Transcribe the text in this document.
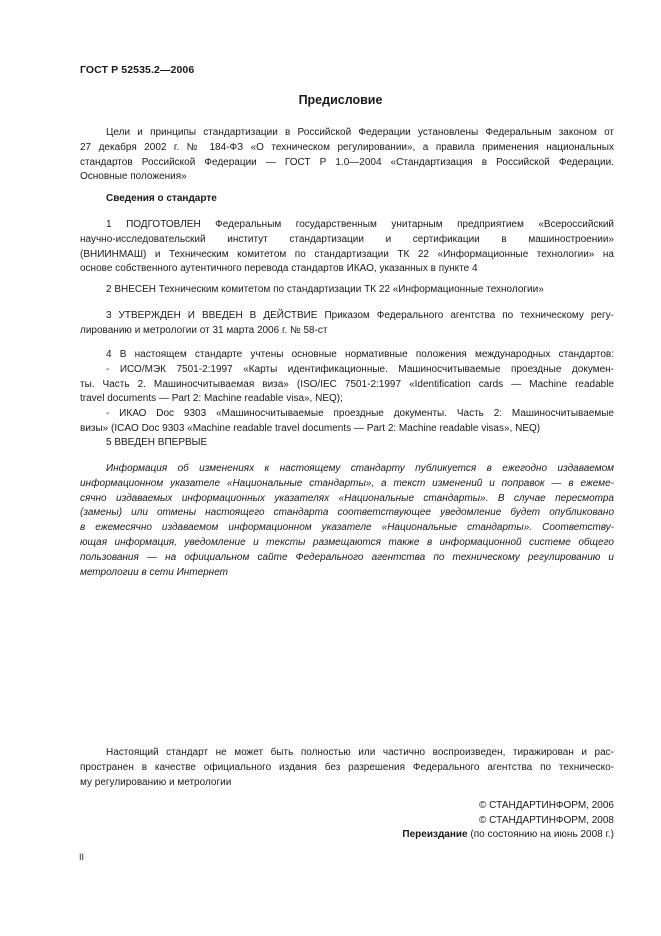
ГОСТ Р 52535.2—2006
Предисловие
Цели и принципы стандартизации в Российской Федерации установлены Федеральным законом от
27 декабря 2002 г. № 184-ФЗ «О техническом регулировании», а правила применения национальных
стандартов Российской Федерации — ГОСТ Р 1.0—2004 «Стандартизация в Российской Федерации.
Основные положения»
Сведения о стандарте
1 ПОДГОТОВЛЕН Федеральным государственным унитарным предприятием «Всероссийский
научно-исследовательский институт стандартизации и сертификации в машиностроении»
(ВНИИНМАШ) и Техническим комитетом по стандартизации ТК 22 «Информационные технологии» на
основе собственного аутентичного перевода стандартов ИКАО, указанных в пункте 4
2 ВНЕСЕН Техническим комитетом по стандартизации ТК 22 «Информационные технологии»
3 УТВЕРЖДЕН И ВВЕДЕН В ДЕЙСТВИЕ Приказом Федерального агентства по техническому регу-
лированию и метрологии от 31 марта 2006 г. № 58-ст
4 В настоящем стандарте учтены основные нормативные положения международных стандартов:
- ИСО/МЭК 7501-2:1997 «Карты идентификационные. Машиносчитываемые проездные докумен-
ты. Часть 2. Машиносчитываемая виза» (ISO/IEC 7501-2:1997 «Identification cards — Machine readable
travel documents — Part 2: Machine readable visa», NEQ);
- ИКАО Doc 9303 «Машиносчитываемые проездные документы. Часть 2: Машиносчитываемые
визы» (ICAO Doc 9303 «Machine readable travel documents — Part 2: Machine readable visas», NEQ)
5 ВВЕДЕН ВПЕРВЫЕ
Информация об изменениях к настоящему стандарту публикуется в ежегодно издаваемом
информационном указателе «Национальные стандарты», а текст изменений и поправок — в ежеме-
сячно издаваемых информационных указателях «Национальные стандарты». В случае пересмотра
(замены) или отмены настоящего стандарта соответствующее уведомление будет опубликовано
в ежемесячно издаваемом информационном указателе «Национальные стандарты». Соответству-
ющая информация, уведомление и тексты размещаются также в информационной системе общего
пользования — на официальном сайте Федерального агентства по техническому регулированию и
метрологии в сети Интернет
Настоящий стандарт не может быть полностью или частично воспроизведен, тиражирован и рас-
пространен в качестве официального издания без разрешения Федерального агентства по техническо-
му регулированию и метрологии
© СТАНДАРТИНФОРМ, 2006
© СТАНДАРТИНФОРМ, 2008
Переиздание (по состоянию на июнь 2008 г.)
II
